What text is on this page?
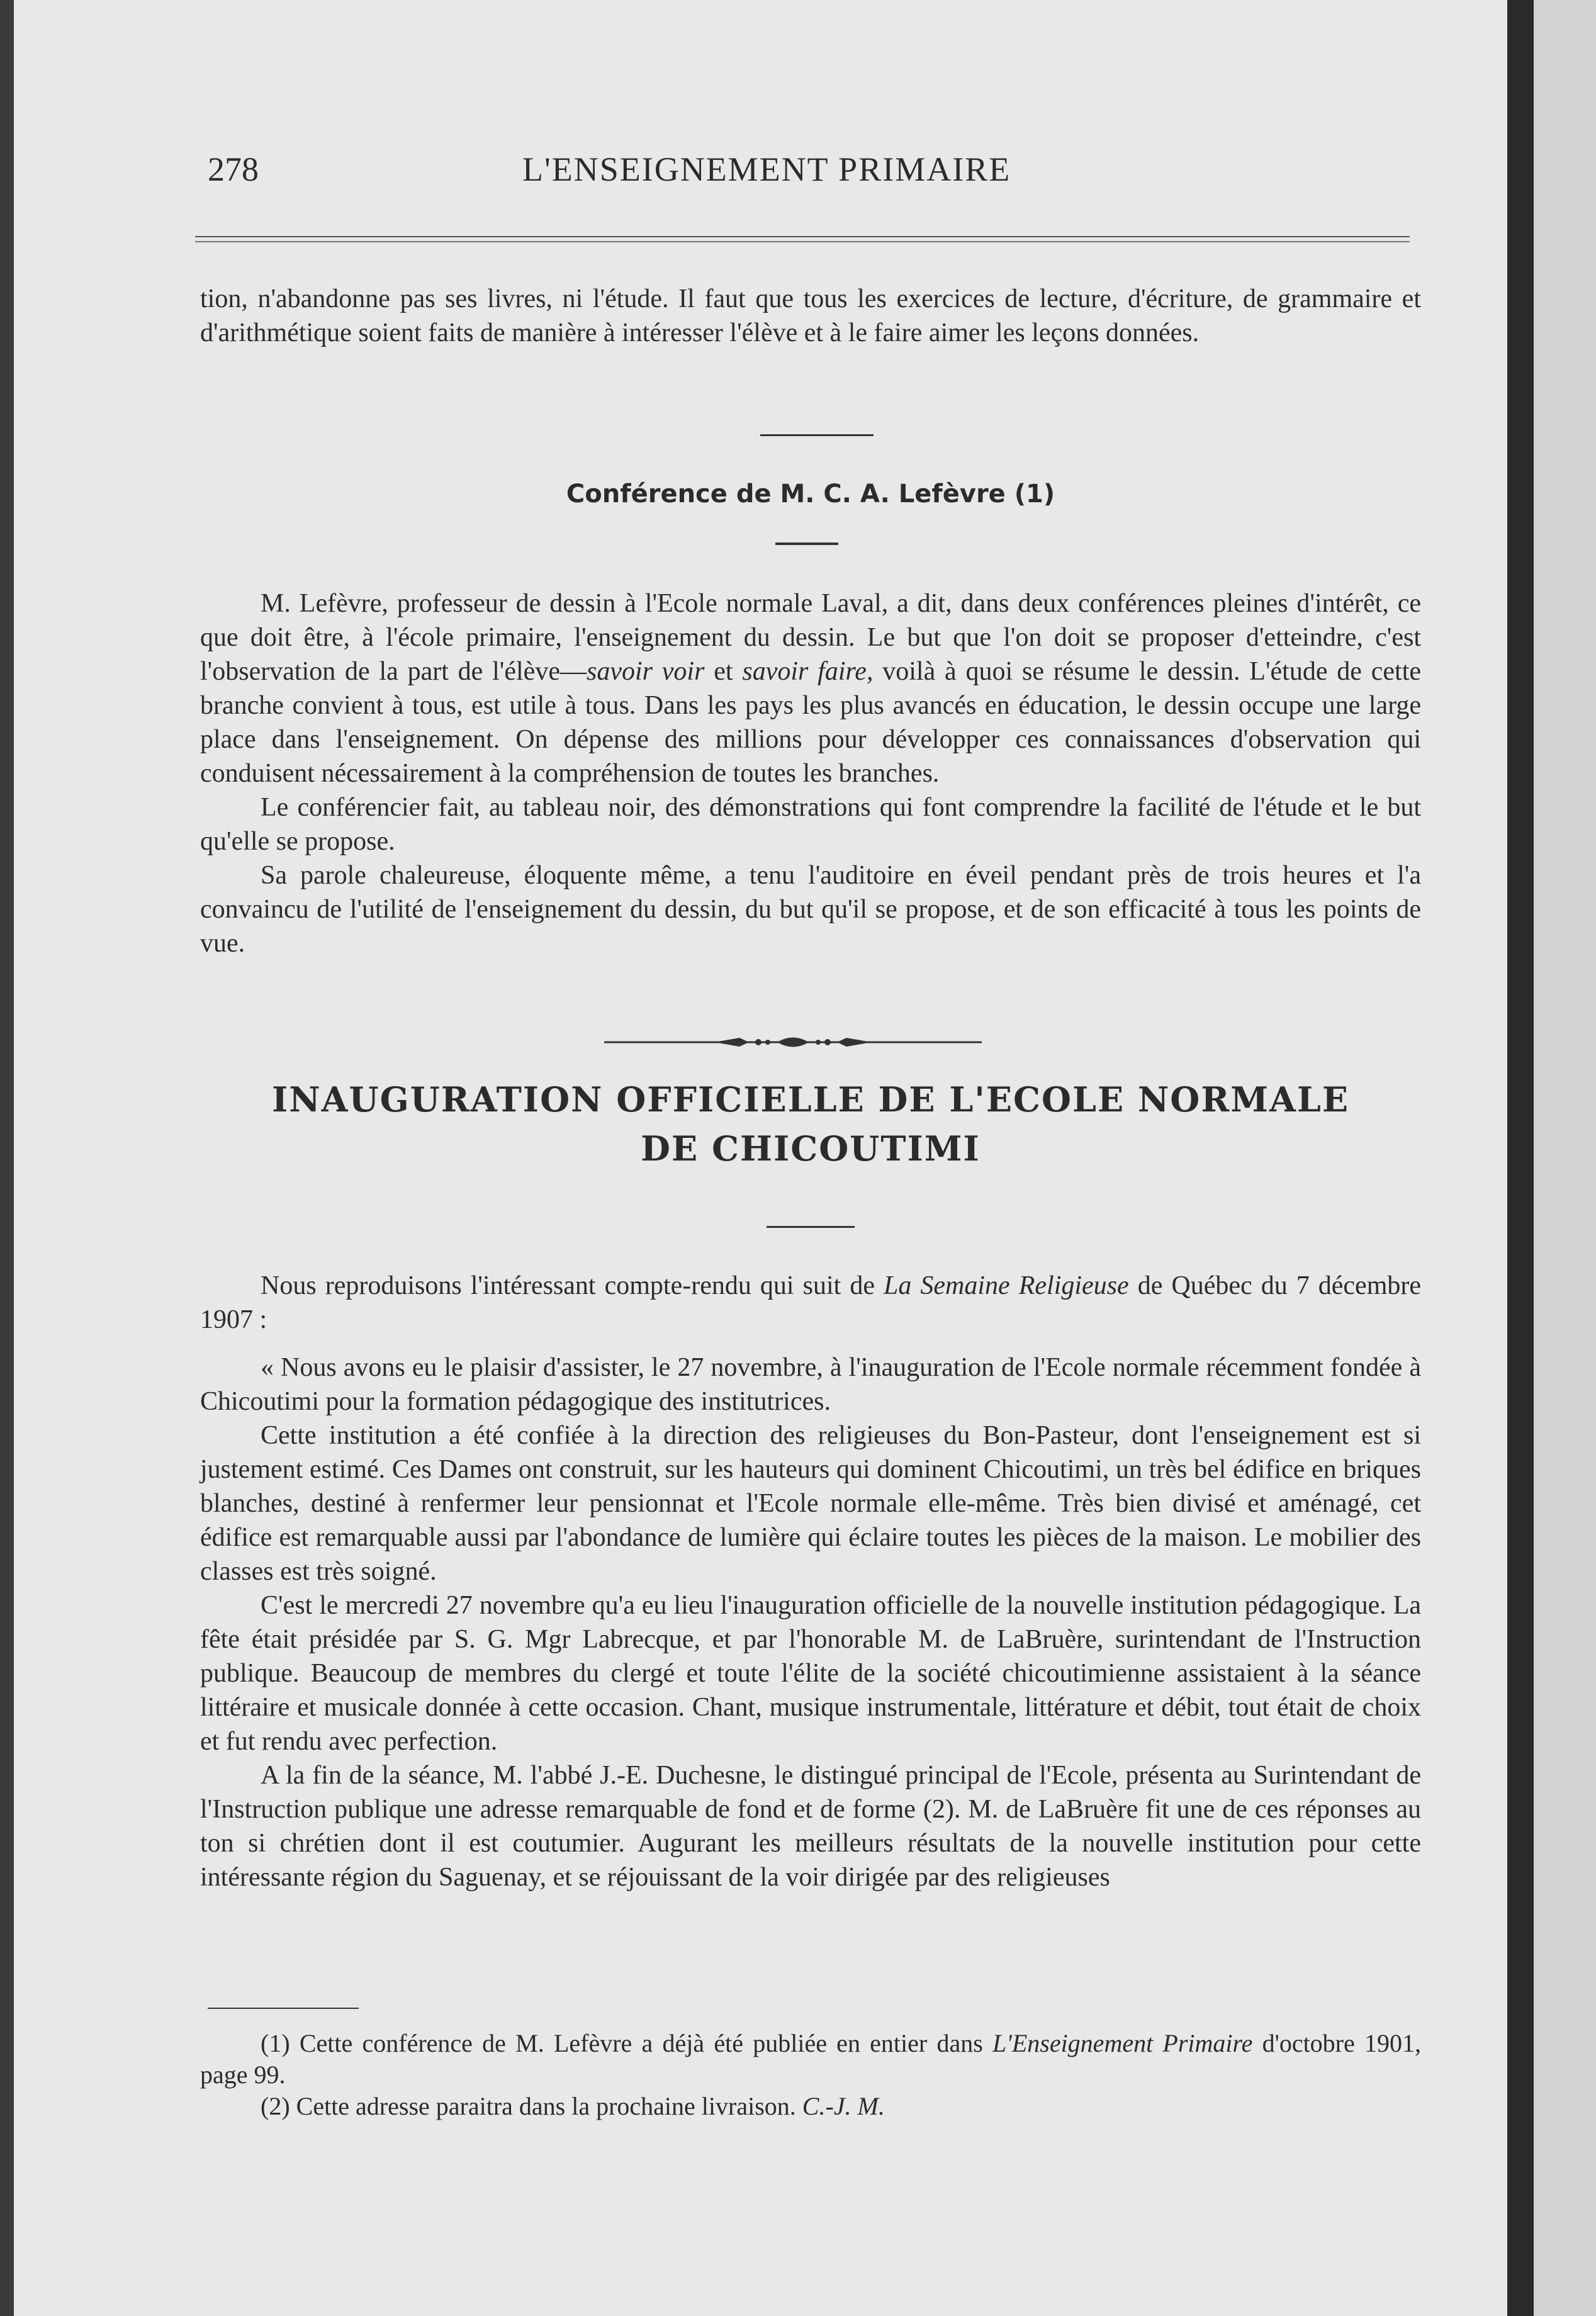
278	L'ENSEIGNEMENT PRIMAIRE

tion, n'abandonne pas ses livres, ni l'étude. Il faut que tous les exercices de lecture, d'écriture, de grammaire et d'arithmétique soient faits de manière à intéresser l'élève et à le faire aimer les leçons données.

Conférence de M. C. A. Lefèvre (1)

M. Lefèvre, professeur de dessin à l'Ecole normale Laval, a dit, dans deux conférences pleines d'intérêt, ce que doit être, à l'école primaire, l'enseignement du dessin. Le but que l'on doit se proposer d'etteindre, c'est l'observation de la part de l'élève—savoir voir et savoir faire, voilà à quoi se résume le dessin. L'étude de cette branche convient à tous, est utile à tous. Dans les pays les plus avancés en éducation, le dessin occupe une large place dans l'enseignement. On dépense des millions pour développer ces connaissances d'observation qui conduisent nécessairement à la compréhension de toutes les branches.

Le conférencier fait, au tableau noir, des démonstrations qui font comprendre la facilité de l'étude et le but qu'elle se propose.

Sa parole chaleureuse, éloquente même, a tenu l'auditoire en éveil pendant près de trois heures et l'a convaincu de l'utilité de l'enseignement du dessin, du but qu'il se propose, et de son efficacité à tous les points de vue.

INAUGURATION OFFICIELLE DE L'ECOLE NORMALE
DE CHICOUTIMI

Nous reproduisons l'intéressant compte-rendu qui suit de La Semaine Religieuse de Québec du 7 décembre 1907 :

« Nous avons eu le plaisir d'assister, le 27 novembre, à l'inauguration de l'Ecole normale récemment fondée à Chicoutimi pour la formation pédagogique des institutrices.

Cette institution a été confiée à la direction des religieuses du Bon-Pasteur, dont l'enseignement est si justement estimé. Ces Dames ont construit, sur les hauteurs qui dominent Chicoutimi, un très bel édifice en briques blanches, destiné à renfermer leur pensionnat et l'Ecole normale elle-même. Très bien divisé et aménagé, cet édifice est remarquable aussi par l'abondance de lumière qui éclaire toutes les pièces de la maison. Le mobilier des classes est très soigné.

C'est le mercredi 27 novembre qu'a eu lieu l'inauguration officielle de la nouvelle institution pédagogique. La fête était présidée par S. G. Mgr Labrecque, et par l'honorable M. de LaBruère, surintendant de l'Instruction publique. Beaucoup de membres du clergé et toute l'élite de la société chicoutimienne assistaient à la séance littéraire et musicale donnée à cette occasion. Chant, musique instrumentale, littérature et débit, tout était de choix et fut rendu avec perfection.

A la fin de la séance, M. l'abbé J.-E. Duchesne, le distingué principal de l'Ecole, présenta au Surintendant de l'Instruction publique une adresse remarquable de fond et de forme (2). M. de LaBruère fit une de ces réponses au ton si chrétien dont il est coutumier. Augurant les meilleurs résultats de la nouvelle institution pour cette intéressante région du Saguenay, et se réjouissant de la voir dirigée par des religieuses

(1) Cette conférence de M. Lefèvre a déjà été publiée en entier dans L'Enseignement Primaire d'octobre 1901, page 99.

(2) Cette adresse paraitra dans la prochaine livraison. C.-J. M.
